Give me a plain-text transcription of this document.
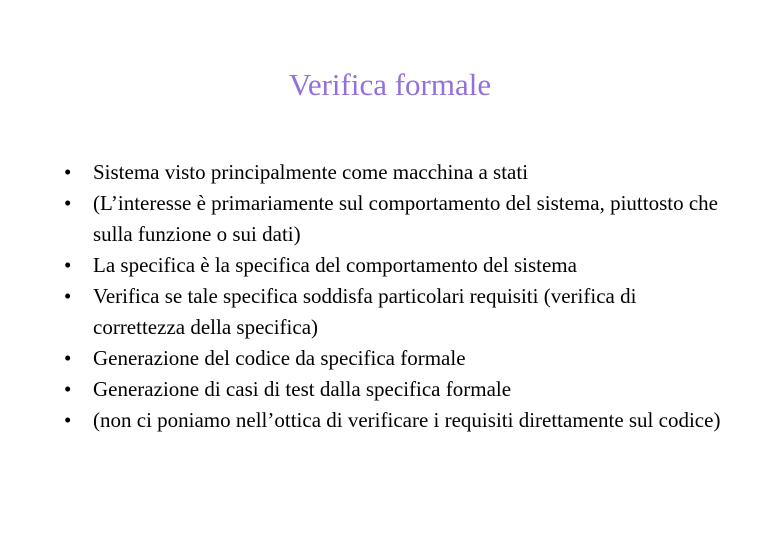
Verifica formale
•	Sistema visto principalmente come macchina a stati
•	(L’interesse è primariamente sul comportamento del sistema, piuttosto che sulla funzione o sui dati)
•	La specifica è la specifica del comportamento del sistema
•	Verifica se tale specifica soddisfa particolari requisiti (verifica di correttezza della specifica)
•	Generazione del codice da specifica formale
•	Generazione di casi di test dalla specifica formale
•	(non ci poniamo nell’ottica di verificare i requisiti direttamente sul codice)
